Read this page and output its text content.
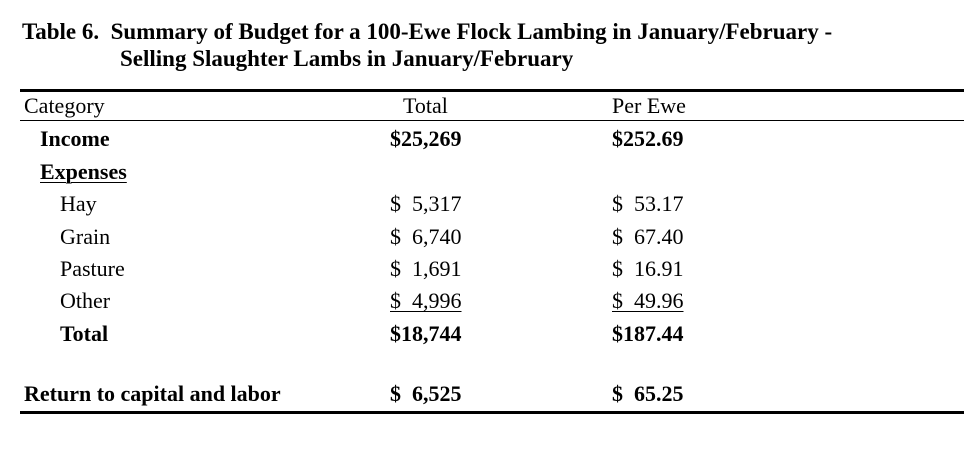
Table 6.  Summary of Budget for a 100-Ewe Flock Lambing in January/February -
Selling Slaughter Lambs in January/February
Category	Total	Per Ewe
Income	$25,269	$252.69
Expenses
Hay	$  5,317	$  53.17
Grain	$  6,740	$  67.40
Pasture	$  1,691	$  16.91
Other	$  4,996	$  49.96
Total	$18,744	$187.44
Return to capital and labor	$  6,525	$  65.25
